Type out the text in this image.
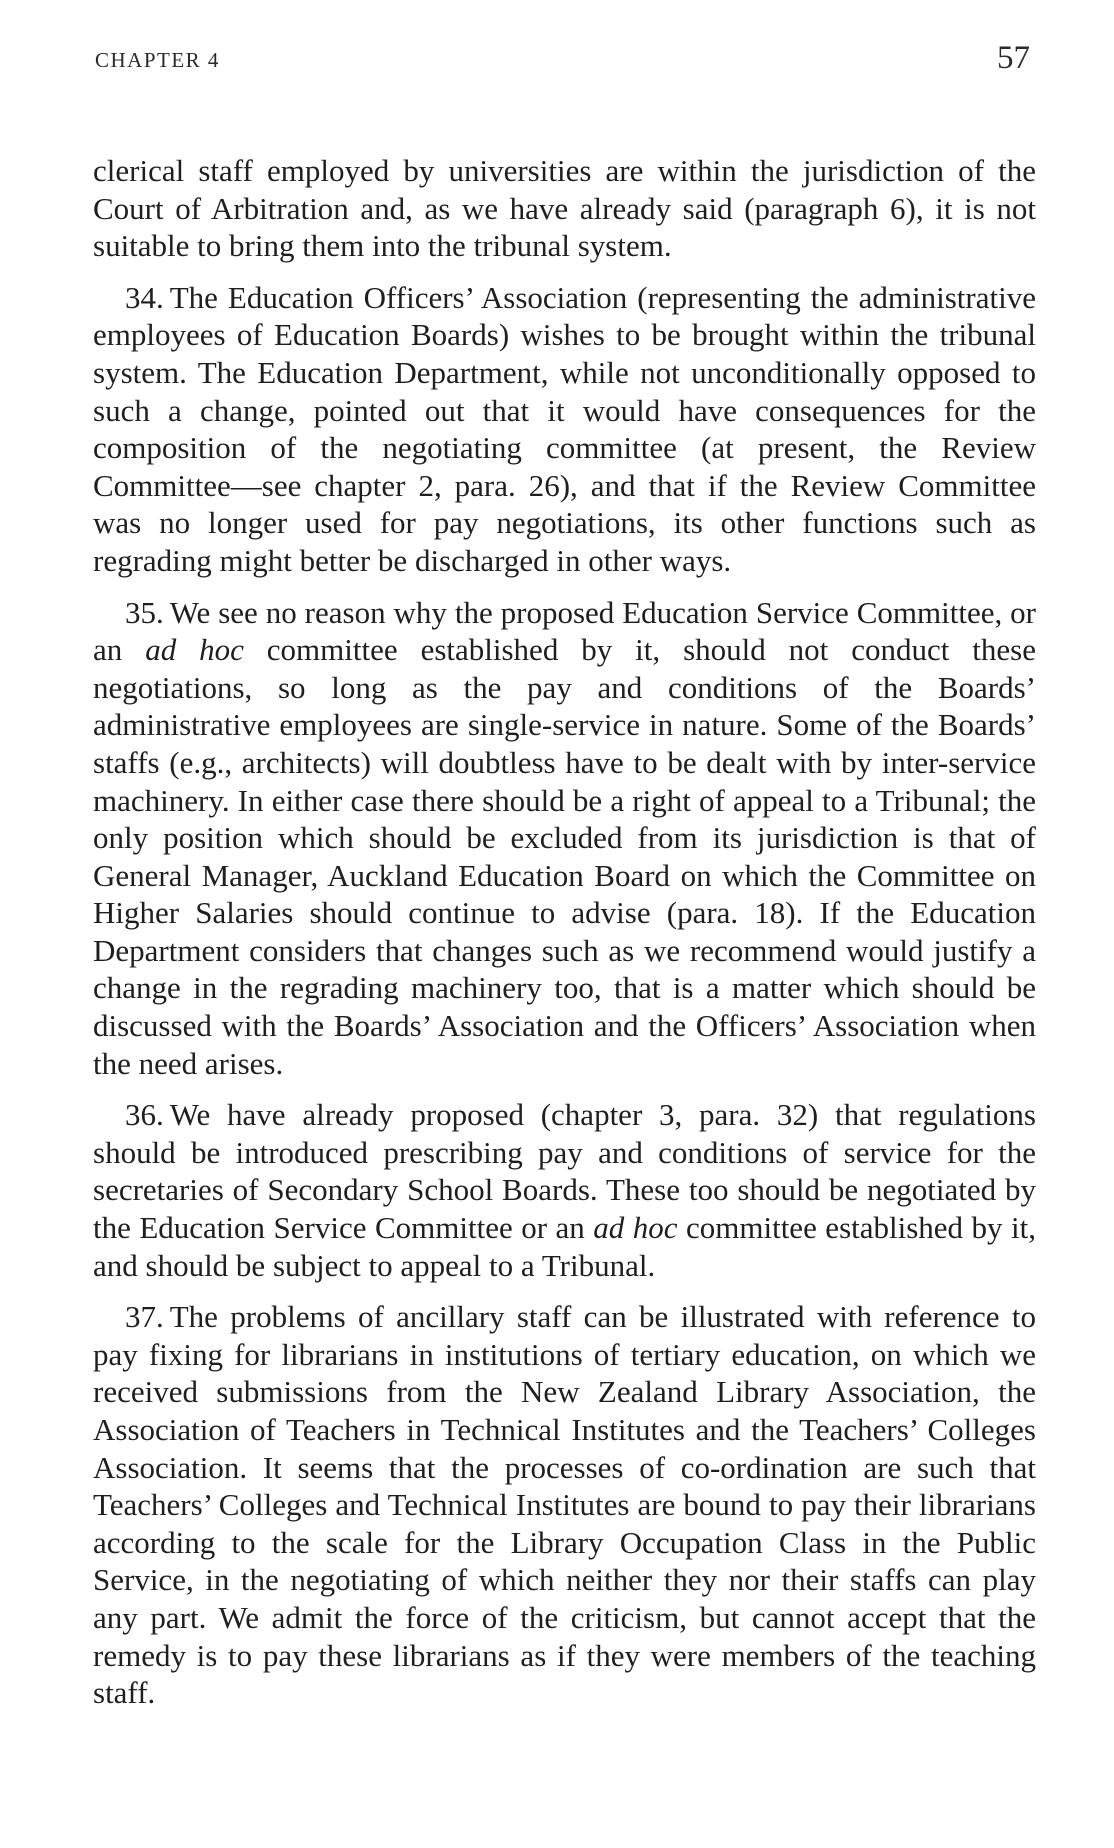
CHAPTER 4	57

clerical staff employed by universities are within the jurisdiction of the Court of Arbitration and, as we have already said (paragraph 6), it is not suitable to bring them into the tribunal system.

34. The Education Officers’ Association (representing the administrative employees of Education Boards) wishes to be brought within the tribunal system. The Education Department, while not unconditionally opposed to such a change, pointed out that it would have consequences for the composition of the negotiating committee (at present, the Review Committee—see chapter 2, para. 26), and that if the Review Committee was no longer used for pay negotiations, its other functions such as regrading might better be discharged in other ways.

35. We see no reason why the proposed Education Service Committee, or an ad hoc committee established by it, should not conduct these negotiations, so long as the pay and conditions of the Boards’ administrative employees are single-service in nature. Some of the Boards’ staffs (e.g., architects) will doubtless have to be dealt with by inter-service machinery. In either case there should be a right of appeal to a Tribunal; the only position which should be excluded from its jurisdiction is that of General Manager, Auckland Education Board on which the Committee on Higher Salaries should continue to advise (para. 18). If the Education Department considers that changes such as we recommend would justify a change in the regrading machinery too, that is a matter which should be discussed with the Boards’ Association and the Officers’ Association when the need arises.

36. We have already proposed (chapter 3, para. 32) that regulations should be introduced prescribing pay and conditions of service for the secretaries of Secondary School Boards. These too should be negotiated by the Education Service Committee or an ad hoc committee established by it, and should be subject to appeal to a Tribunal.

37. The problems of ancillary staff can be illustrated with reference to pay fixing for librarians in institutions of tertiary education, on which we received submissions from the New Zealand Library Association, the Association of Teachers in Technical Institutes and the Teachers’ Colleges Association. It seems that the processes of co-ordination are such that Teachers’ Colleges and Technical Institutes are bound to pay their librarians according to the scale for the Library Occupation Class in the Public Service, in the negotiating of which neither they nor their staffs can play any part. We admit the force of the criticism, but cannot accept that the remedy is to pay these librarians as if they were members of the teaching staff.
